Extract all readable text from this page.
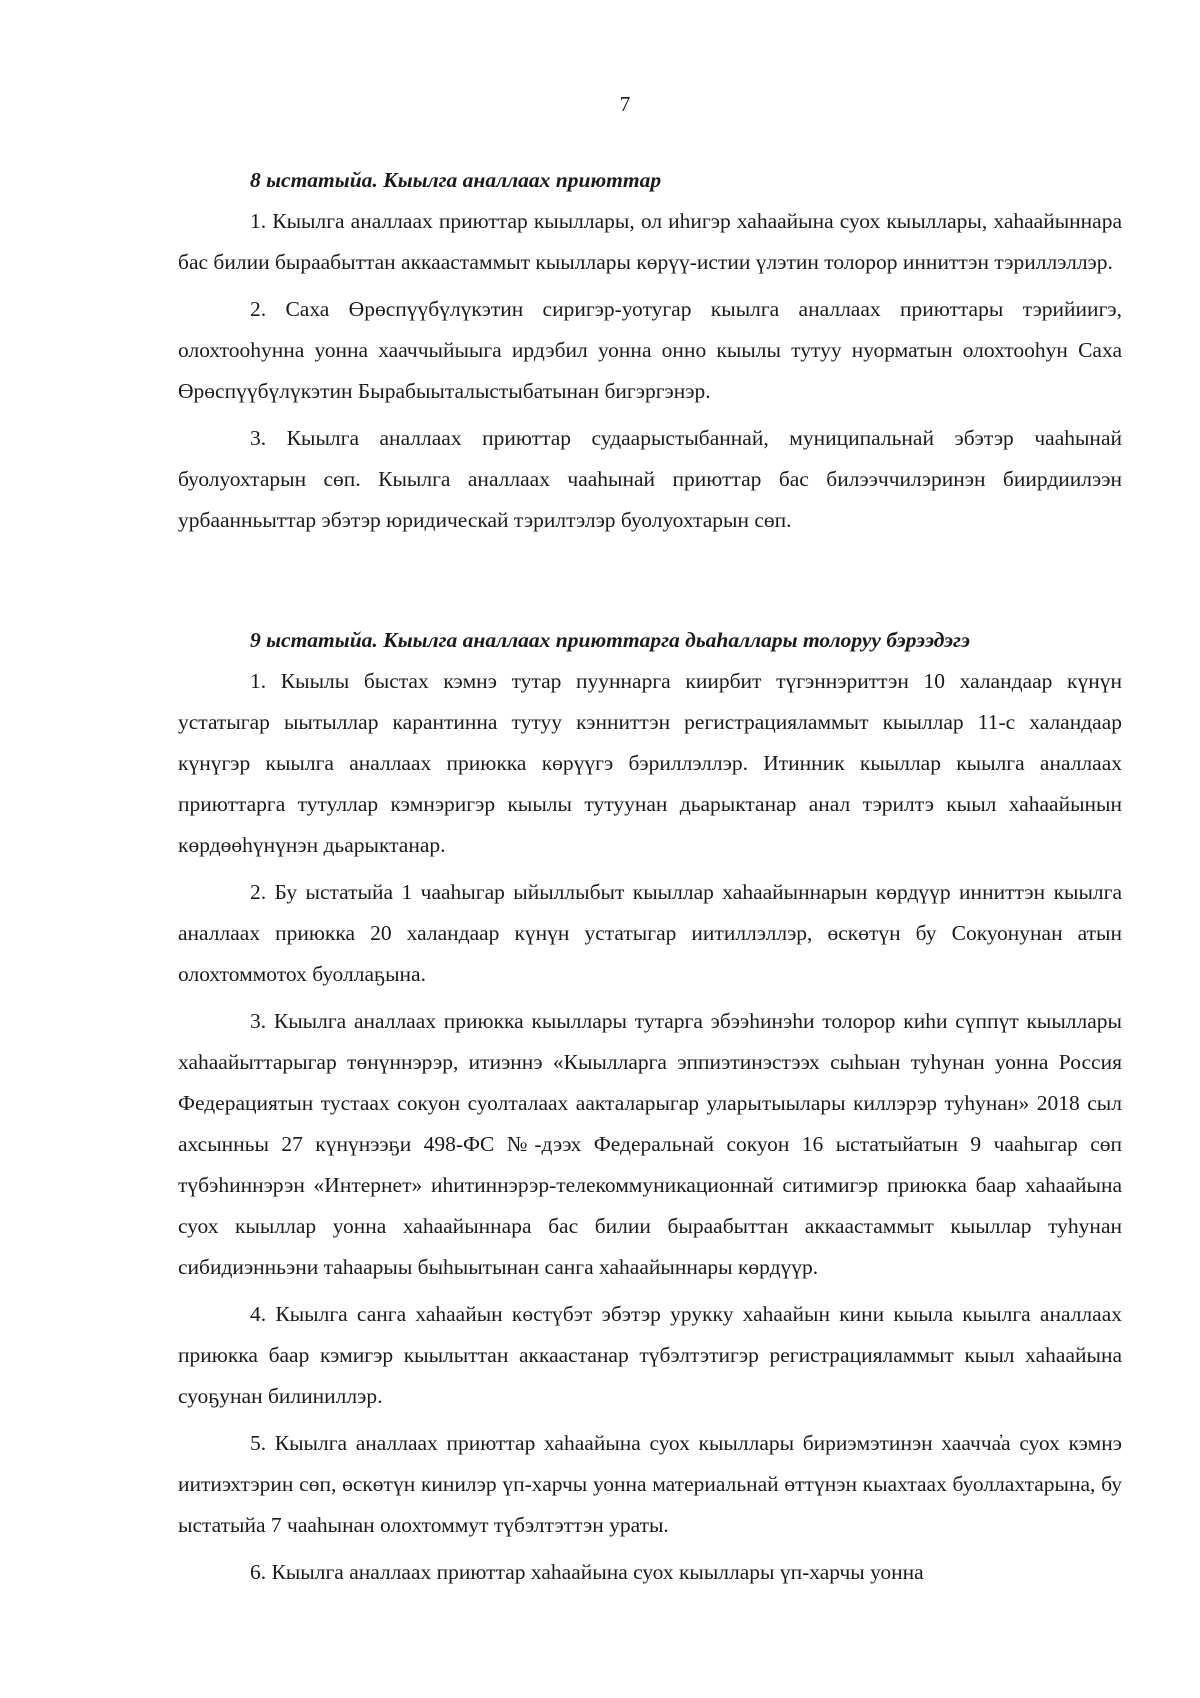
7

8 ыстатыйа. Кыылга аналлаах приюттар

1. Кыылга аналлаах приюттар кыыллары, ол иhигэр хаhаайына суох кыыллары, хаhаайыннара бас билии быраабыттан аккаастаммыт кыыллары көрүү-истии үлэтин толорор инниттэн тэриллэллэр.

2. Саха Өрөспүүбүлүкэтин сиригэр-уотугар кыылга аналлаах приюттары тэрийиигэ, олохтооhунна уонна хааччыйыыга ирдэбил уонна онно кыылы тутуу нуорматын олохтооhун Саха Өрөспүүбүлүкэтин Бырабыыталыстыбатынан бигэргэнэр.

3. Кыылга аналлаах приюттар судаарыстыбаннай, муниципальнай эбэтэр чааhынай буолуохтарын сөп. Кыылга аналлаах чааhынай приюттар бас билээччилэринэн биирдиилээн урбаанньыттар эбэтэр юридическай тэрилтэлэр буолуохтарын сөп.

9 ыстатыйа. Кыылга аналлаах приюттарга дьаhаллары толоруу бэрээдэгэ

1. Кыылы быстах кэмнэ тутар пууннарга киирбит түгэннэриттэн 10 халандаар күнүн устатыгар ыытыллар карантинна тутуу кэнниттэн регистрацияламмыт кыыллар 11-с халандаар күнүгэр кыылга аналлаах приюкка көрүүгэ бэриллэллэр. Итинник кыыллар кыылга аналлаах приюттарга тутуллар кэмнэригэр кыылы тутуунан дьарыктанар анал тэрилтэ кыыл хаhаайынын көрдөөhүнүнэн дьарыктанар.

2. Бу ыстатыйа 1 чааhыгар ыйыллыбыт кыыллар хаhаайыннарын көрдүүр инниттэн кыылга аналлаах приюкка 20 халандаар күнүн устатыгар иитиллэллэр, өскөтүн бу Сокуонунан атын олохтоммотох буоллаҕына.

3. Кыылга аналлаах приюкка кыыллары тутарга эбээhинэhи толорор киhи сүппүт кыыллары хаhаайыттарыгар төнүннэрэр, итиэннэ «Кыылларга эппиэтинэстээх сыhыан туhунан уонна Россия Федерациятын тустаах сокуон суолталаах аакталарыгар уларытыылары киллэрэр туhунан» 2018 сыл ахсынньы 27 күнүнээҕи 498-ФС №-дээх Федеральнай сокуон 16 ыстатыйатын 9 чааhыгар сөп түбэhиннэрэн «Интернет» иhитиннэрэр-телекоммуникационнай ситимигэр приюкка баар хаhаайына суох кыыллар уонна хаhаайыннара бас билии быраабыттан аккаастаммыт кыыллар туhунан сибидиэнньэни таhаарыы быhыытынан санга хаhаайыннары көрдүүр.

4. Кыылга санга хаhаайын көстүбэт эбэтэр урукку хаhаайын кини кыыла кыылга аналлаах приюкка баар кэмигэр кыылыттан аккаастанар түбэлтэтигэр регистрацияламмыт кыыл хаhаайына суоҕунан билиниллэр.

5. Кыылга аналлаах приюттар хаhаайына суох кыыллары бириэмэтинэн хаачча҆а суох кэмнэ иитиэхтэрин сөп, өскөтүн кинилэр үп-харчы уонна материальнай өттүнэн кыахтаах буоллахтарына, бу ыстатыйа 7 чааhынан олохтоммут түбэлтэттэн ураты.

6. Кыылга аналлаах приюттар хаhаайына суох кыыллары үп-харчы уонна
